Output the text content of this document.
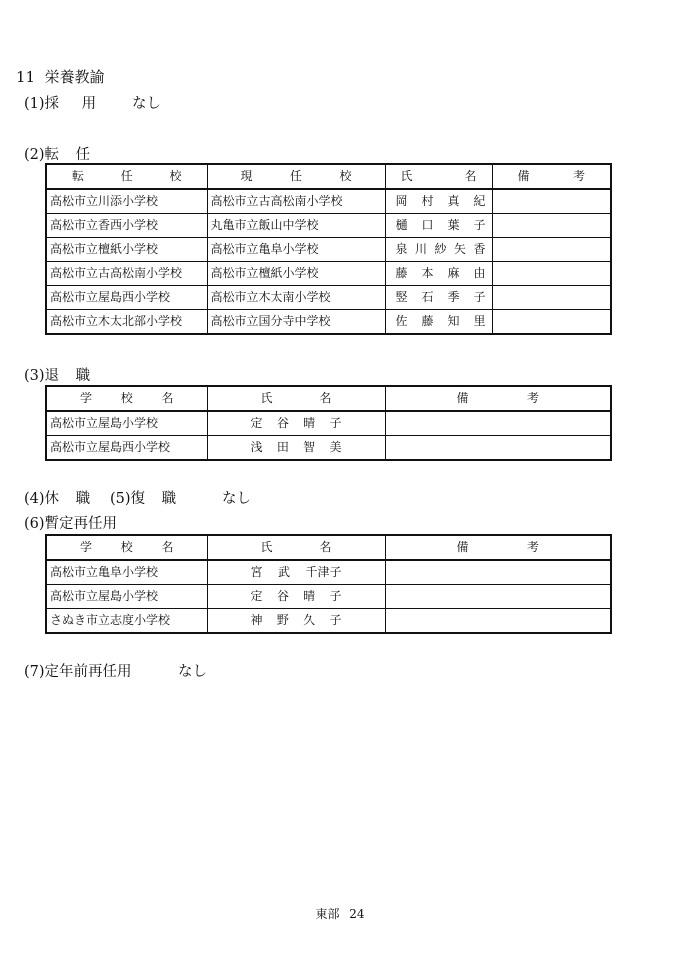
11 栄養教諭
(1)採 用 なし
(2)転 任
転 任 校	現 任 校	氏 名	備 考

高松市立川添小学校	高松市立古高松南小学校	岡 村 真 紀	

高松市立香西小学校	丸亀市立飯山中学校	樋 口 葉 子	

高松市立檀紙小学校	高松市立亀阜小学校	泉 川 紗 矢 香	

高松市立古高松南小学校	高松市立檀紙小学校	藤 本 麻 由	

高松市立屋島西小学校	高松市立木太南小学校	竪 石 季 子	

高松市立木太北部小学校	高松市立国分寺中学校	佐 藤 知 里	

(3)退 職
学 校 名	氏 名	備 考

高松市立屋島小学校	定 谷 晴 子	

高松市立屋島西小学校	浅 田 智 美	

(4)休 職 (5)復 職	なし
(6)暫定再任用
学 校 名	氏 名	備 考

高松市立亀阜小学校	宮 武 千津子	

高松市立屋島小学校	定 谷 晴 子	

さぬき市立志度小学校	神 野 久 子	

(7)定年前再任用	なし
東部 24
